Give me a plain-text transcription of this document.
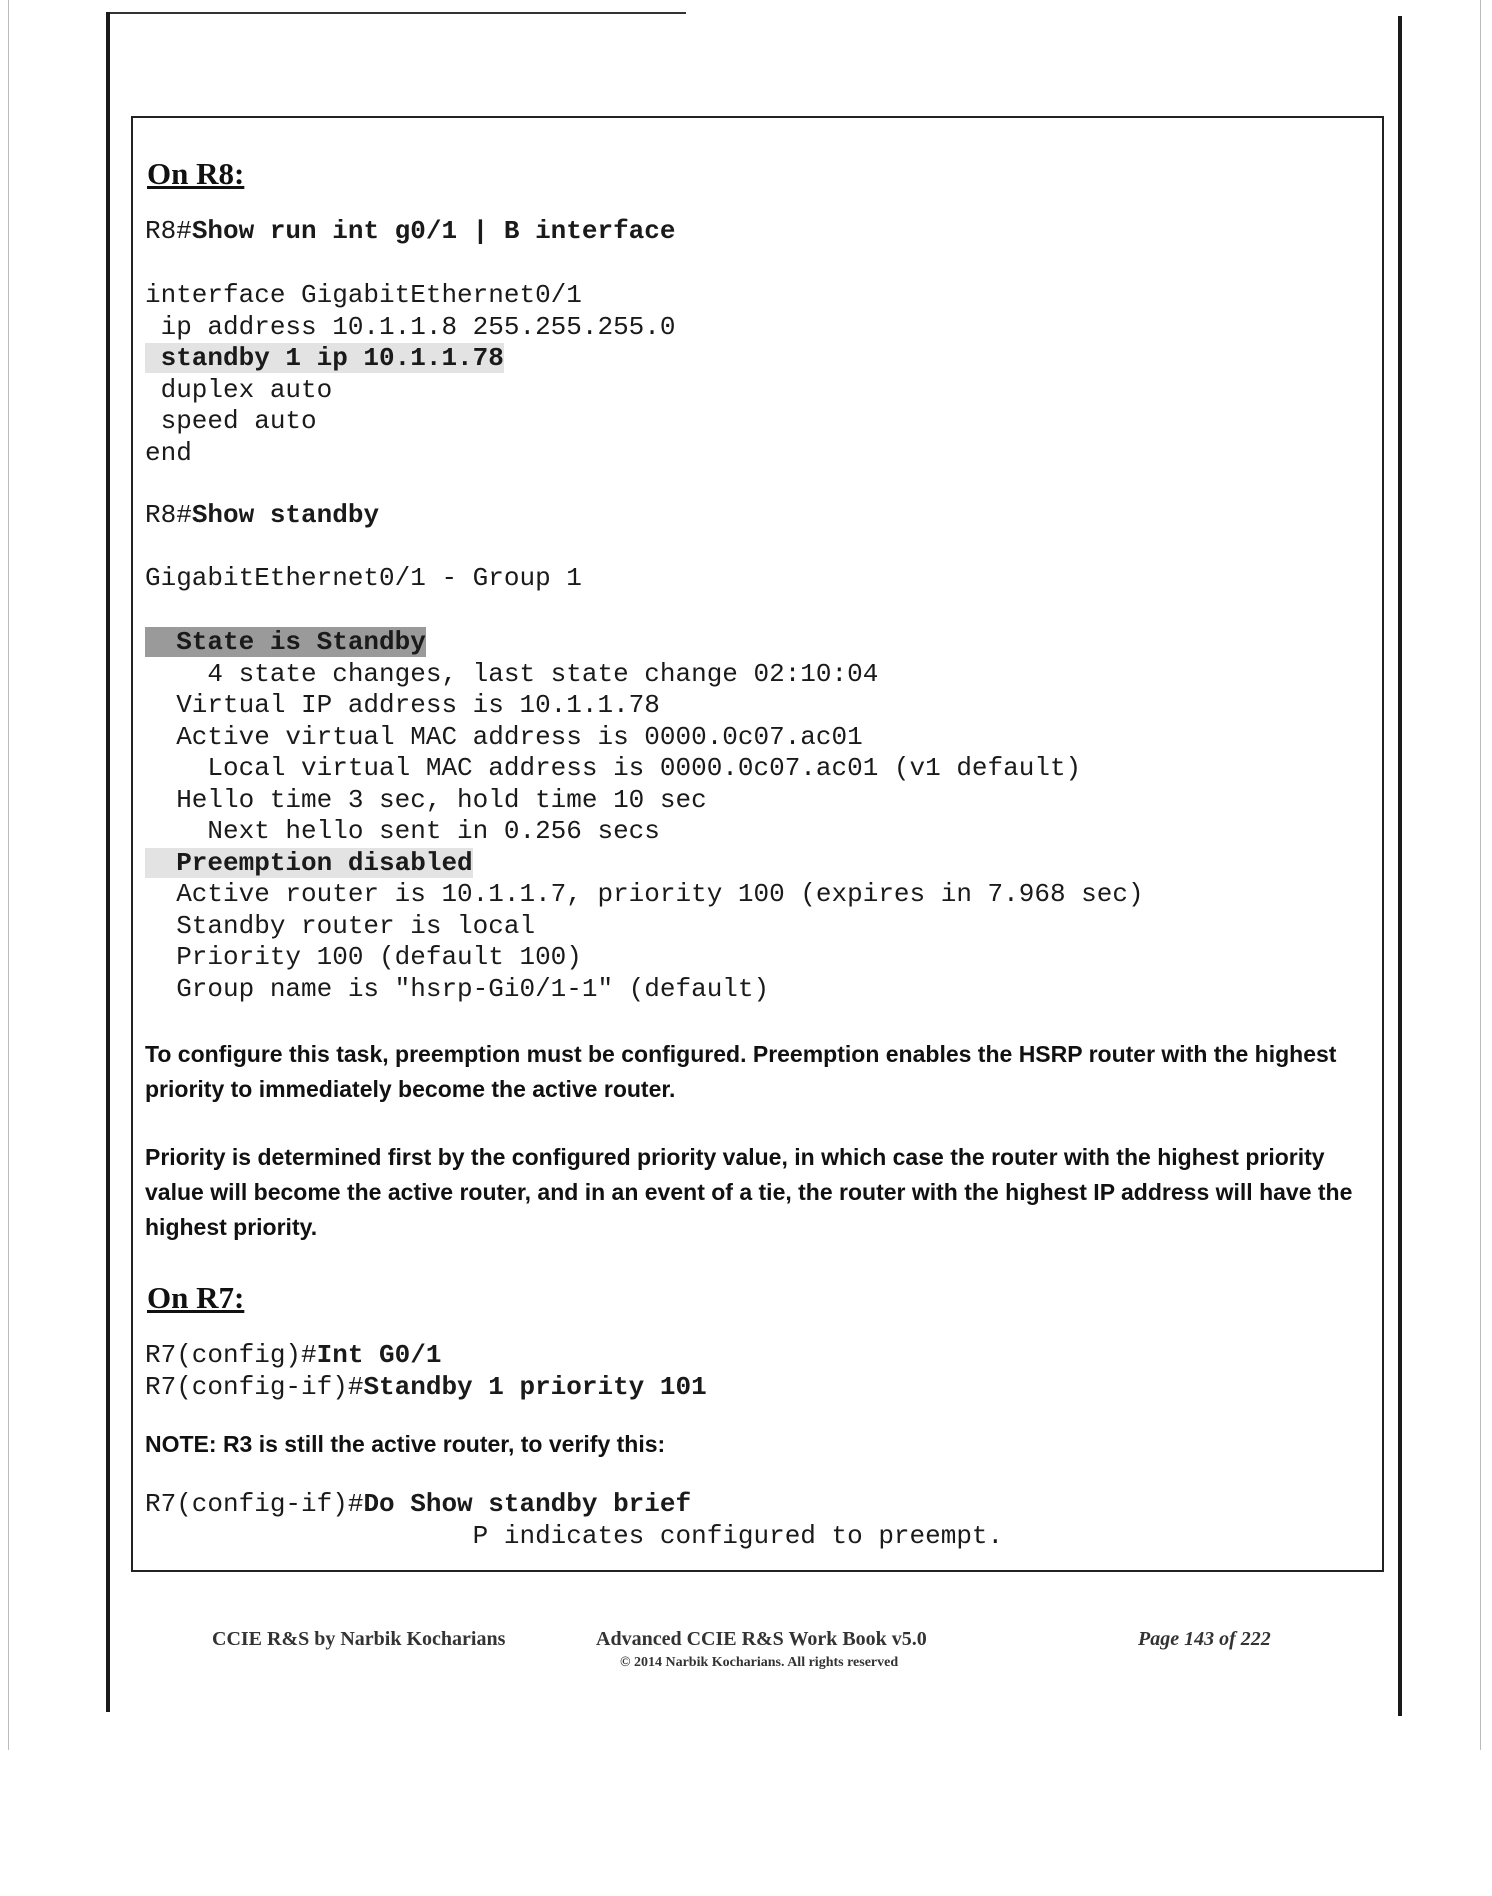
On R8:
R8#Show run int g0/1 | B interface
interface GigabitEthernet0/1
ip address 10.1.1.8 255.255.255.0
standby 1 ip 10.1.1.78
duplex auto
speed auto
end
R8#Show standby
GigabitEthernet0/1 - Group 1
State is Standby
4 state changes, last state change 02:10:04
Virtual IP address is 10.1.1.78
Active virtual MAC address is 0000.0c07.ac01
Local virtual MAC address is 0000.0c07.ac01 (v1 default)
Hello time 3 sec, hold time 10 sec
Next hello sent in 0.256 secs
Preemption disabled
Active router is 10.1.1.7, priority 100 (expires in 7.968 sec)
Standby router is local
Priority 100 (default 100)
Group name is "hsrp-Gi0/1-1" (default)

To configure this task, preemption must be configured. Preemption enables the HSRP router with the highest priority to immediately become the active router.

Priority is determined first by the configured priority value, in which case the router with the highest priority value will become the active router, and in an event of a tie, the router with the highest IP address will have the highest priority.

On R7:
R7(config)#Int G0/1
R7(config-if)#Standby 1 priority 101

NOTE: R3 is still the active router, to verify this:

R7(config-if)#Do Show standby brief
P indicates configured to preempt.
CCIE R&S by Narbik Kocharians	Advanced CCIE R&S Work Book v5.0
© 2014 Narbik Kocharians. All rights reserved
Page 143 of 222
